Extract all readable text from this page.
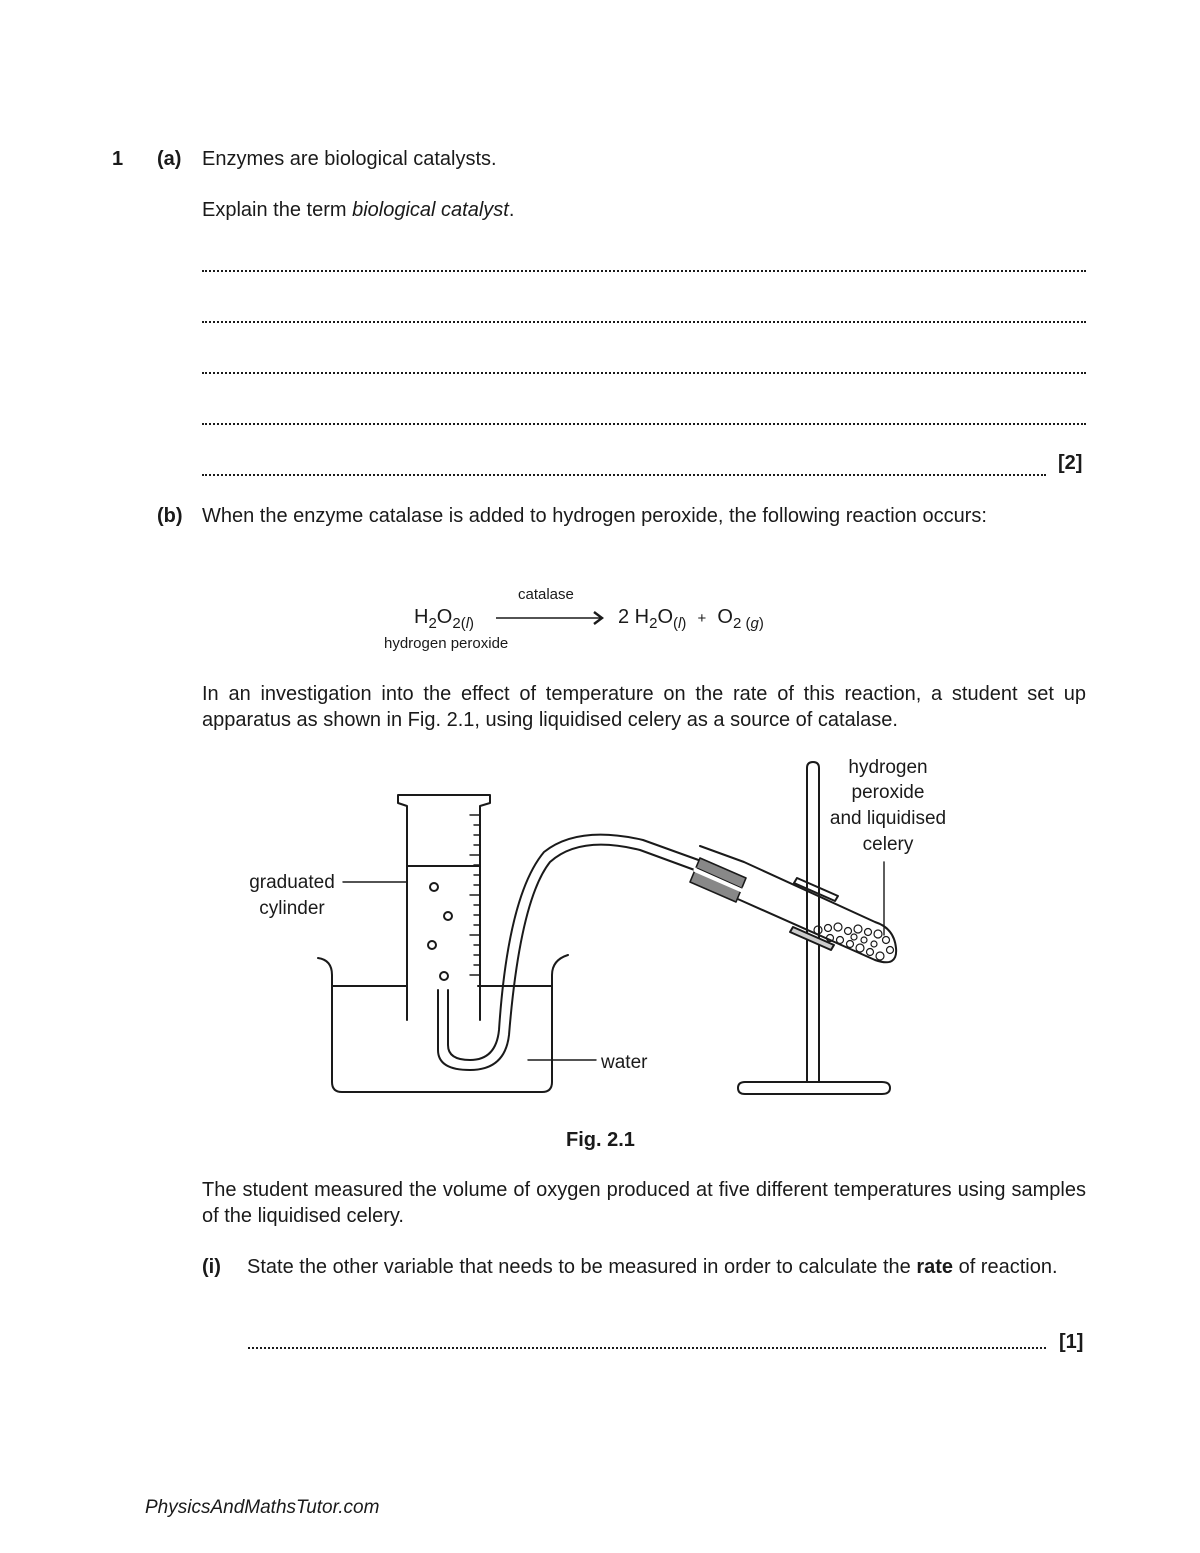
1 (a) Enzymes are biological catalysts.
Explain the term biological catalyst.
[2]
(b) When the enzyme catalase is added to hydrogen peroxide, the following reaction occurs:
$H_2O_{2(l)}$
catalase
hydrogen peroxide
2 $H_2O_{(l)} + O_{2 (g)}$
In an investigation into the effect of temperature on the rate of this reaction, a student set up apparatus as shown in Fig. 2.1, using liquidised celery as a source of catalase.
graduated
cylinder
water
hydrogen
peroxide
and liquidised
celery
Fig. 2.1
The student measured the volume of oxygen produced at five different temperatures using samples of the liquidised celery.
(i) State the other variable that needs to be measured in order to calculate the rate of reaction.
[1]
PhysicsAndMathsTutor.com
